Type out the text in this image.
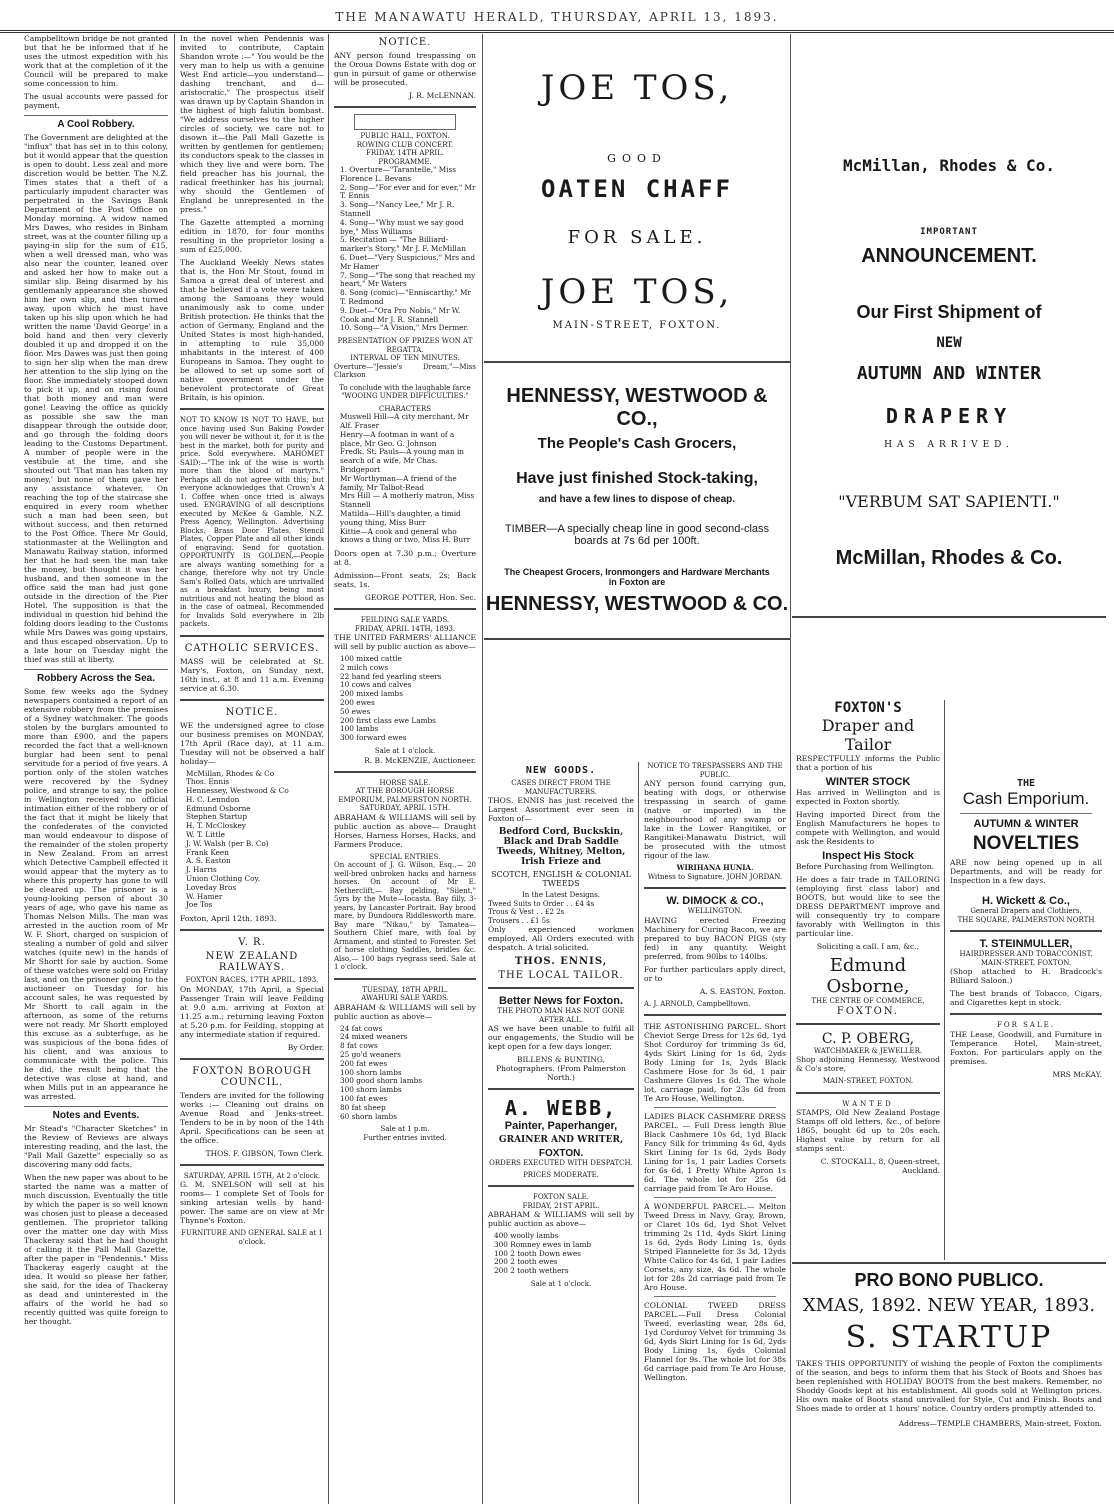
THE MANAWATU HERALD, THURSDAY, APRIL 13, 1893.

Campbelltown bridge be not granted but that he be informed that if he uses the utmost expedition with his work that at the completion of it the Council will be prepared to make some concession to him.

The usual accounts were passed for payment.

A Cool Robbery.

The Government are delighted at the "influx" that has set in to this colony, but it would appear that the question is open to doubt. Less zeal and more discretion would be better. The N.Z. Times states that a theft of a particularly impudent character was perpetrated in the Savings Bank Department of the Post Office on Monday morning. A widow named Mrs Dawes, who resides in Binham street, was at the counter filling up a paying-in slip for the sum of £15, when a well dressed man, who was also near the counter, leaned over and asked her how to make out a similar slip. Being disarmed by his gentlemanly appearance she showed him her own slip, and then turned away, upon which he must have taken up his slip upon which he had written the name 'David George' in a bold hand and then very cleverly doubled it up and dropped it on the floor. Mrs Dawes was just then going to sign her slip when the man drew her attention to the slip lying on the floor. She immediately stooped down to pick it up, and on rising found that both money and man were gone! Leaving the office as quickly as possible she saw the man disappear through the outside door, and go through the folding doors leading to the Customs Department. A number of people were in the vestibule at the time, and she shouted out 'That man has taken my money,' but none of them gave her any assistance whatever. On reaching the top of the staircase she enquired in every room whether such a man had been seen, but without success, and then returned to the Post Office. There Mr Gould, stationmaster at the Wellington and Manawatu Railway station, informed her that he had seen the man take the money, but thought it was her husband, and then someone in the office said the man had just gone outside in the direction of the Pier Hotel. The supposition is that the individual in question hid behind the folding doors leading to the Customs while Mrs Dawes was going upstairs, and thus escaped observation. Up to a late hour on Tuesday night the thief was still at liberty.

Robbery Across the Sea.

Some few weeks ago the Sydney newspapers contained a report of an extensive robbery from the premises of a Sydney watchmaker. The goods stolen by the burglars amounted to more than £900, and the papers recorded the fact that a well-known burglar had been sent to penal servitude for a period of five years. A portion only of the stolen watches were recovered by the Sydney police, and strange to say, the police in Wellington received no official intimation either of the robbery or of the fact that it might be likely that the confederates of the convicted man would endeavour to dispose of the remainder of the stolen property in New Zealand. From an arrest which Detective Campbell effected it would appear that the mytery as to where this property has gone to will be cleared up. The prisoner is a young-looking person of about 30 years of age, who gave his name as Thomas Nelson Mills. The man was arrested in the auction room of Mr W. F. Short, charged on suspicion of stealing a number of gold and silver watches (quite new) in the hands of Mr Shortt for sale by auction. Some of these watches were sold on Friday last, and on the prisoner going to the auctioneer on Tuesday for his account sales, he was requested by Mr Shortt to call again in the afternoon, as some of the returns were not ready. Mr Shortt employed this excuse as a subterfuge, as he was suspicious of the bona fides of his client, and was anxious to communicate with the police. This he did, the result being that the detective was close at hand, and when Mills put in an appearance he was arrested.

Notes and Events.

Mr Stead's "Character Sketches" in the Review of Reviews are always interesting reading, and the last, the "Pall Mall Gazette" especially so as discovering many odd facts.

When the new paper was about to be started the name was a matter of much discussion. Eventually the title by which the paper is so well known was chosen just to please a deceased gentlemen. The proprietor talking over the matter one day with Miss Thackeray said that he had thought of calling it the Pall Mall Gazette, after the paper in "Pendennis." Miss Thackeray eagerly caught at the idea. It would so please her father, she said, for the idea of Thackeray as dead and uninterested in the affairs of the world he had so recently quitted was quite foreign to her thought.

In the novel when Pendennis was invited to contribute, Captain Shandon wrote :—" You would be the very man to help us with a genuine West End article—you understand—dashing trenchant, and d—aristocratic." The prospectus itself was drawn up by Captain Shandon in the highest of high falutin bombast. "We address ourselves to the higher circles of society, we care not to disown it—the Pall Mall Gazette is written by gentlemen for gentlemen; its conductors speak to the classes in which they live and were born. The field preacher has his journal, the radical freethinker has his journal; why should the Gentlemen of England be unrepresented in the press."

The Gazette attempted a morning edition in 1870, for four months resulting in the proprietor losing a sum of £25,000.

The Auckland Weekly News states that is, the Hon Mr Stout, found in Samoa a great deal of interest and that he believed if a vote were taken among the Samoans they would unanimously ask to come under British protection. He thinks that the action of Germany, England and the United States is most high-handed, in attempting to rule 35,000 inhabitants in the interest of 400 Europeans in Samoa. They ought to be allowed to set up some sort of native government under the benevolent protectorate of Great Britain, is his opinion.

NOT TO KNOW IS NOT TO HAVE, but once having used Sun Baking Powder you will never be without it, for it is the best in the market, both for purity and price. Sold everywhere. MAHOMET SAID:—"The ink of the wise is worth more than the blood of martyrs." Perhaps all do not agree with this; but everyone acknowledges that Crown's A 1. Coffee when once tried is always used. ENGRAVING of all descriptions executed by McKee & Gamble, N.Z. Press Agency, Wellington. Advertising Blocks, Brass Door Plates, Stencil Plates, Copper Plate and all other kinds of engraving. Send for quotation. OPPORTUNITY IS GOLDEN,—People are always wanting something for a change, therefore why not try Uncle Sam's Rolled Oats, which are unrivalled as a breakfast luxury, being most nutritious and not heating the blood as in the case of oatmeal. Recommended for Invalids Sold everywhere in 2lb packets.

CATHOLIC SERVICES.

MASS will be celebrated at St. Mary's, Foxton, on Sunday next, 16th inst., at 8 and 11 a.m. Evening service at 6.30.

NOTICE.

WE the undersigned agree to close our business premises on MONDAY, 17th April (Race day), at 11 a.m. Tuesday will not be observed a half holiday—

McMillan, Rhodes & Co
Thos. Ennis
Hennessey, Westwood & Co
H. C. Lenndon
Edmund Osborne
Stephen Startup
H. T. McCloskey
W. T. Little
J. W. Walsh (per B. Co)
Frank Keen
A. S. Easton
J. Harris
Union Clothing Coy.
Loveday Bros
W. Hamer
Joe Tos

Foxton, April 12th, 1893.

V. R.
NEW ZEALAND RAILWAYS.
FOXTON RACES, 17TH APRIL, 1893.

On MONDAY, 17th April, a Special Passenger Train will leave Feilding at 9.0 a.m. arriving at Foxton at 11.25 a.m.; returning leaving Foxton at 5.20 p.m. for Feilding, stopping at any intermediate station if required.

By Order.

FOXTON BOROUGH COUNCIL.

Tenders are invited for the following works :— Cleaning out drains on Avenue Road and Jenks-street. Tenders to be in by noon of the 14th April. Specifications can be seen at the office.

THOS. F. GIBSON, Town Clerk.

SATURDAY, APRIL 15TH, At 2 o'clock.

G. M. SNELSON will sell at his rooms— 1 complete Set of Tools for sinking artesian wells by hand-power. The same are on view at Mr Thynne's Foxton.

FURNITURE AND GENERAL SALE at 1 o'clock.
NOTICE.

ANY person found trespassing on the Oroua Downs Estate with dog or gun in pursuit of game or otherwise will be prosecuted.

J. R. McLENNAN.

PUBLIC HALL, FOXTON.
ROWING CLUB CONCERT.
FRIDAY, 14TH APRIL.
PROGRAMME.
1. Overture—"Tarantelle," Miss Florence L. Bevans
2. Song—"For ever and for ever," Mr T. Ennis
3. Song—"Nancy Lee," Mr J. R. Stannell
4. Song—"Why must we say good bye," Miss Williams
5. Recitation — "The Billiard-marker's Story," Mr J. F. McMillan
6. Duet—"Very Suspicious," Mrs and Mr Hamer
7. Song—"The song that reached my heart," Mr Waters
8. Song (comic)—"Enniscarthy," Mr T. Redmond
9. Duet—"Ora Pro Nobis," Mr W. Cook and Mr J. R. Stannell
10. Song—"A Vision," Mrs Dermer.
PRESENTATION OF PRIZES WON AT REGATTA.
INTERVAL OF TEN MINUTES.

Overture—"Jessie's Dream,"—Miss Clarkson

To conclude with the laughable farce "WOOING UNDER DIFFICULTIES."

CHARACTERS
Muswell Hill—A city merchant, Mr Alf. Fraser
Henry—A footman in want of a place, Mr Geo. G. Johnson
Fredk. St. Pauls—A young man in search of a wife, Mr Chas. Bridgeport
Mr Worthyman—A friend of the family, Mr Talbot-Read
Mrs Hill — A motherly matron, Miss Stannell
Matilda—Hill's daughter, a timid young thing, Miss Burr
Kittie—A cook and general who knows a thing or two, Miss H. Burr

Doors open at 7.30 p.m.; Overture at 8.

Admission—Front seats, 2s; Back seats, 1s.

GEORGE POTTER, Hon. Sec.

FEILDING SALE YARDS.
FRIDAY, APRIL 14TH, 1893.

THE UNITED FARMERS' ALLIANCE will sell by public auction as above—

100 mixed cattle
2 milch cows
22 hand fed yearling steers
10 cows and calves
200 mixed lambs
200 ewes
50 ewes
200 first class ewe Lambs
100 lambs
300 forward ewes
Sale at 1 o'clock.

R. B. McKENZIE, Auctioneer.

HORSE SALE.
AT THE BOROUGH HORSE EMPORIUM, PALMERSTON NORTH.
SATURDAY, APRIL 15TH.

ABRAHAM & WILLIAMS will sell by public auction as above— Draught Horses, Harness Horses, Hacks, and Farmers Produce.

SPECIAL ENTRIES.

On account of J. G. Wilson, Esq.,— 20 well-bred unbroken hacks and harness horses. On account of Mr E. Netherclift,— Bay gelding, "Silent," 5yrs by the Mute—Iocasta. Bay filly, 3-years, by Lancaster Portrait. Bay brood mare, by Dundoora Riddlesworth mare. Bay mare "Nikau," by Tamatea—Southern Chief mare, with foal by Armament, and stinted to Forester. Set of horse clothing Saddles, bridles &c. Also,— 100 bags ryegrass seed. Sale at 1 o'clock.

TUESDAY, 18TH APRIL.
AWAHURI SALE YARDS.

ABRAHAM & WILLIAMS will sell by public auction as above—

24 fat cows
24 mixed weaners
8 fat cows
25 go'd weaners
200 fat ewes
100 shorn lambs
300 good shorn lambs
100 shorn lambs
100 fat ewes
80 fat sheep
60 shorn lambs
Sale at 1 p.m.
Further entries invited.
JOE TOS,
GOOD
OATEN CHAFF
FOR SALE.
JOE TOS,
MAIN-STREET, FOXTON.
HENNESSY, WESTWOOD & CO.,
The People's Cash Grocers,
Have just finished Stock-taking,
and have a few lines to dispose of cheap.
TIMBER—A specially cheap line in good second-class boards at 7s 6d per 100ft.
The Cheapest Grocers, Ironmongers and Hardware Merchants in Foxton are
HENNESSY, WESTWOOD & CO.
NEW GOODS.
CASES DIRECT FROM THE MANUFACTURERS.

THOS. ENNIS has just received the Largest Assortment ever seen in Foxton of—

Bedford Cord, Buckskin, Black and Drab Saddle Tweeds, Whitney, Melton, Irish Frieze and
SCOTCH, ENGLISH & COLONIAL TWEEDS
In the Latest Designs.
Tweed Suits to Order . . £4 4s
Trous & Vest . . £2 2s
Trousers . . £1 5s

Only experienced workmen employed. All Orders executed with despatch. A trial solicited.

THOS. ENNIS,
THE LOCAL TAILOR.
Better News for Foxton.
THE PHOTO MAN HAS NOT GONE AFTER ALL.

AS we have been unable to fulfil all our engagements, the Studio will be kept open for a few days longer.

BILLENS & BUNTING, Photographers. (From Palmerston North.)

A. WEBB,
Painter, Paperhanger,
GRAINER AND WRITER,
FOXTON.
ORDERS EXECUTED WITH DESPATCH.
PRICES MODERATE.
FOXTON SALE.
FRIDAY, 21ST APRIL.

ABRAHAM & WILLIAMS will sell by public auction as above—

400 woolly lambs
300 Romney ewes in lamb
100 2 tooth Down ewes
200 2 tooth ewes
200 2 tooth wethers
Sale at 1 o'clock.
NOTICE TO TRESPASSERS AND THE PUBLIC.

ANY person found carrying gun, beating with dogs, or otherwise trespassing in search of game (native or imported) in the neighbourhood of any swamp or lake in the Lower Rangitikei, or Rangitikei-Manawatu District, will be prosecuted with the utmost rigour of the law.

WIRIHANA HUNIA.
Witness to Signature, JOHN JORDAN.
W. DIMOCK & CO.,
WELLINGTON.

HAVING erected Freezing Machinery for Curing Bacon, we are prepared to buy BACON PIGS (sty fed) in any quantity. Weight preferred, from 90lbs to 140lbs.

For further particulars apply direct, or to

A. S. EASTON, Foxton.

A. J. ARNOLD, Campbelltown.

THE ASTONISHING PARCEL. Short Cheviot Serge Dress for 12s 6d, 1yd Shot Corduroy for trimming 3s 6d, 4yds Skirt Lining for 1s 6d, 2yds Body Lining for 1s, 2yds Black Cashmere Hose for 3s 6d, 1 pair Cashmere Gloves 1s 6d. The whole lot, carriage paid, for 23s 6d from Te Aro House, Wellington.

LADIES BLACK CASHMERE DRESS PARCEL. — Full Dress length Blue Black Cashmere 10s 6d, 1yd Black Fancy Silk for trimming 4s 6d, 4yds Skirt Lining for 1s 6d, 2yds Body Lining for 1s, 1 pair Ladies Corsets for 6s 6d, 1 Pretty White Apron 1s 6d. The whole lot for 25s 6d carriage paid from Te Aro House.

A WONDERFUL PARCEL.— Melton Tweed Dress in Navy, Gray, Brown, or Claret 10s 6d, 1yd Shot Velvet trimming 2s 11d, 4yds Skirt Lining 1s 6d, 2yds Body Lining 1s, 6yds Striped Flannelette for 3s 3d, 12yds White Calico for 4s 6d, 1 pair Ladies Corsets, any size, 4s 6d. The whole lot for 28s 2d carriage paid from Te Aro House.

COLONIAL TWEED DRESS PARCEL.—Full Dress Colonial Tweed, everlasting wear, 28s 6d, 1yd Corduroy Velvet for trimming 3s 6d, 4yds Skirt Lining for 1s 6d, 2yds Body Lining 1s, 6yds Colonial Flannel for 9s. The whole lot for 38s 6d carriage paid from Te Aro House, Wellington.

McMillan, Rhodes & Co.
IMPORTANT
ANNOUNCEMENT.
Our First Shipment of
NEW
AUTUMN AND WINTER
DRAPERY
HAS ARRIVED.
"VERBUM SAT SAPIENTI."
McMillan, Rhodes & Co.
FOXTON'S
Draper and Tailor

RESPECTFULLY informs the Public that a portion of his

WINTER STOCK

Has arrived in Wellington and is expected in Foxton shortly.

Having imported Direct from the English Manufacturers he hopes to compete with Wellington, and would ask the Residents to

Inspect His Stock

Before Purchasing from Wellington.

He does a fair trade in TAILORING (employing first class labor) and BOOTS, but would like to see the DRESS DEPARTMENT improve and will consequently try to compare favorably with Wellington in this particular line.

Soliciting a call. I am, &c.,

Edmund Osborne,
THE CENTRE OF COMMERCE,
FOXTON.
C. P. OBERG,
WATCHMAKER & JEWELLER.

Shop adjoining Hennessy, Westwood & Co's store,

MAIN-STREET, FOXTON.
WANTED

STAMPS, Old New Zealand Postage Stamps off old letters, &c., of before 1865, bought 6d up to 20s each. Highest value by return for all stamps sent.

C. STOCKALL, 8, Queen-street, Auckland.

THE
Cash Emporium.
AUTUMN & WINTER
NOVELTIES

ARE now being opened up in all Departments, and will be ready for Inspection in a few days.

H. Wickett & Co.,
General Drapers and Clothiers,
THE SQUARE, PALMERSTON NORTH
T. STEINMULLER,
HAIRDRESSER AND TOBACCONIST,
MAIN-STREET, FOXTON.

(Shop attached to H. Bradcock's Billiard Saloon.)

The best brands of Tobacco, Cigars, and Cigarettes kept in stock.

FOR SALE.

THE Lease, Goodwill, and Furniture in Temperance Hotel, Main-street, Foxton. For particulars apply on the premises.

MRS McKAY.

PRO BONO PUBLICO.
XMAS, 1892. NEW YEAR, 1893.
S. STARTUP

TAKES THIS OPPORTUNITY of wishing the people of Foxton the compliments of the season, and begs to inform them that his Stock of Boots and Shoes has been replenished with HOLIDAY BOOTS from the best makers. Remember, no Shoddy Goods kept at his establishment. All goods sold at Wellington prices. His own make of Boots stand unrivalled for Style, Cut and Finish. Boots and Shoes made to order at 1 hours' notice. Country orders promptly attended to.

Address—TEMPLE CHAMBERS, Main-street, Foxton.
